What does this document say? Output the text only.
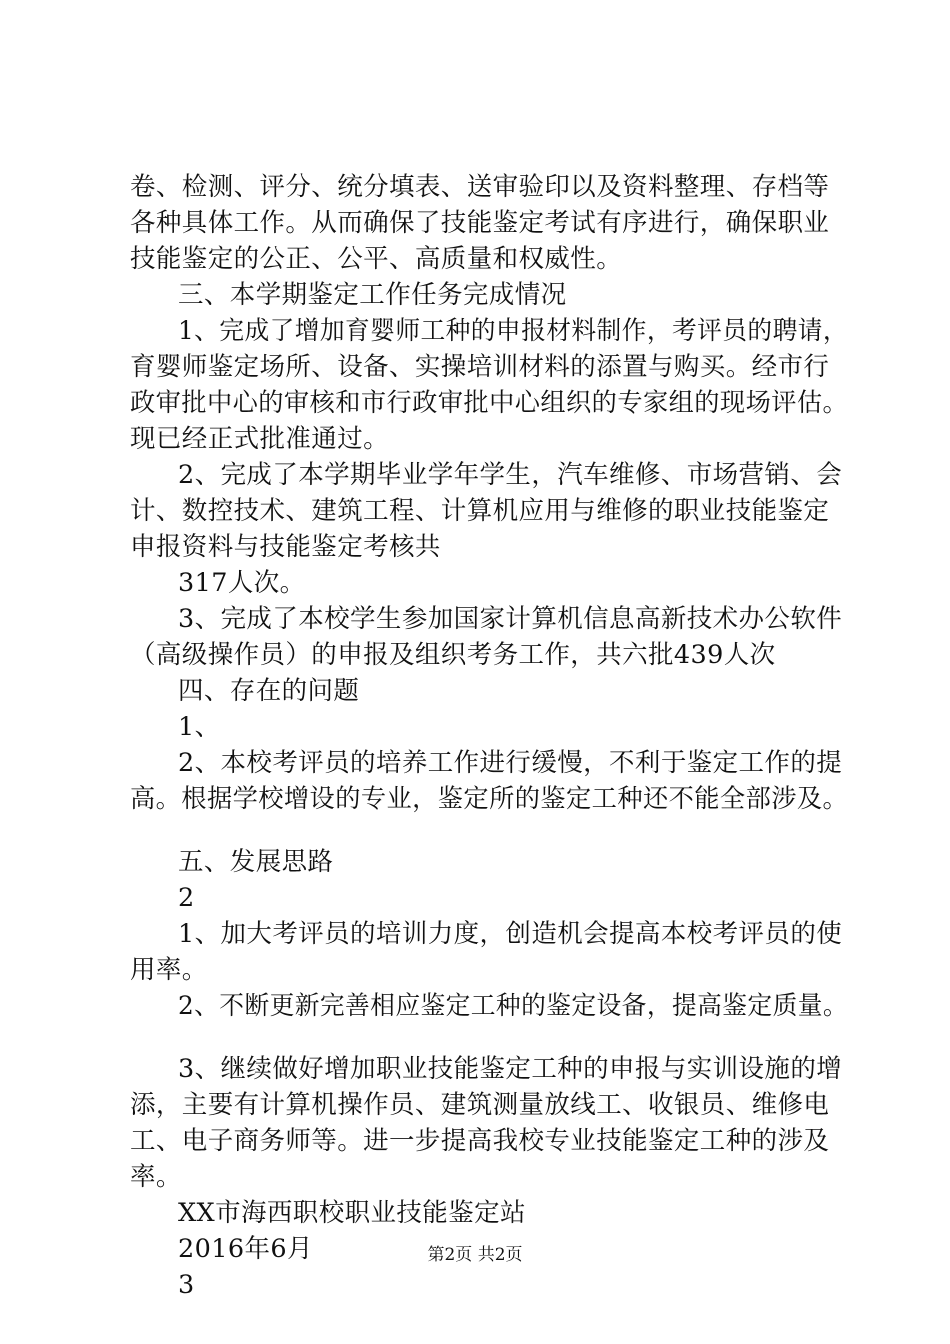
卷、检测、评分、统分填表、送审验印以及资料整理、存档等
各种具体工作。从而确保了技能鉴定考试有序进行，确保职业
技能鉴定的公正、公平、高质量和权威性。
三、本学期鉴定工作任务完成情况
1、完成了增加育婴师工种的申报材料制作，考评员的聘请，
育婴师鉴定场所、设备、实操培训材料的添置与购买。经市行
政审批中心的审核和市行政审批中心组织的专家组的现场评估。
现已经正式批准通过。
2、完成了本学期毕业学年学生，汽车维修、市场营销、会
计、数控技术、建筑工程、计算机应用与维修的职业技能鉴定
申报资料与技能鉴定考核共
317人次。
3、完成了本校学生参加国家计算机信息高新技术办公软件
（高级操作员）的申报及组织考务工作，共六批439人次
四、存在的问题
1、
2、本校考评员的培养工作进行缓慢，不利于鉴定工作的提
高。根据学校增设的专业，鉴定所的鉴定工种还不能全部涉及。
五、发展思路
2
1、加大考评员的培训力度，创造机会提高本校考评员的使
用率。
2、不断更新完善相应鉴定工种的鉴定设备，提高鉴定质量。
3、继续做好增加职业技能鉴定工种的申报与实训设施的增
添，主要有计算机操作员、建筑测量放线工、收银员、维修电
工、电子商务师等。进一步提高我校专业技能鉴定工种的涉及
率。
XX市海西职校职业技能鉴定站
2016年6月
3
第2页 共2页
